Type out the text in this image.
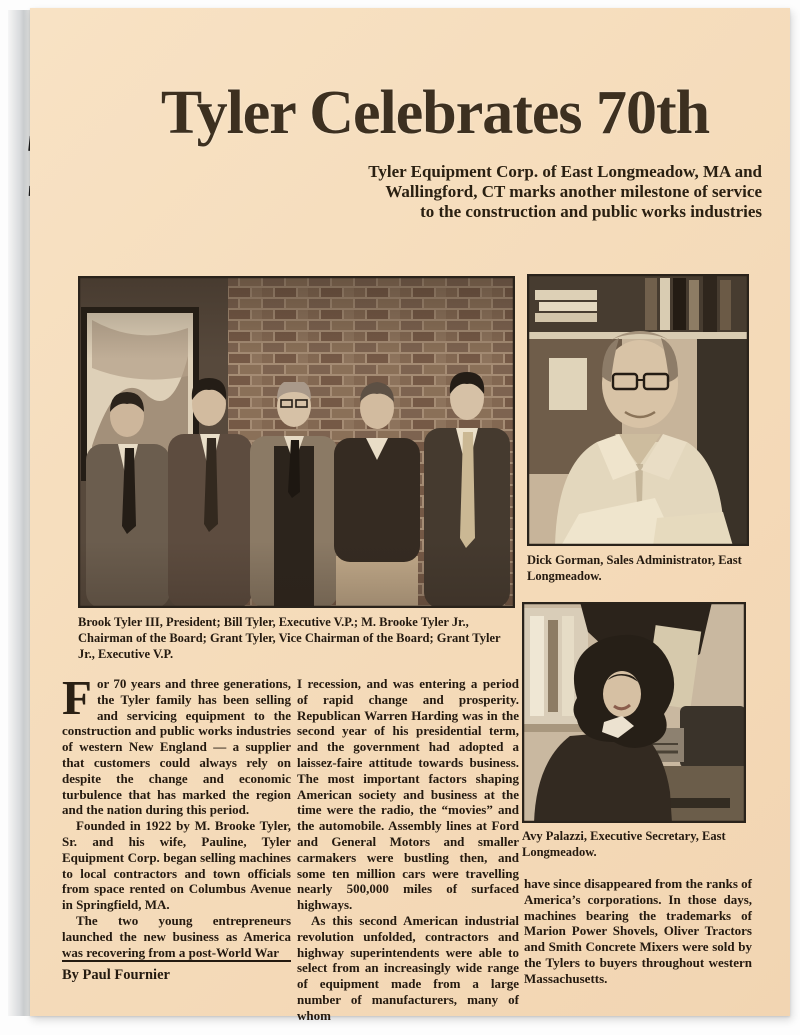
Tyler Celebrates 70th
Tyler Equipment Corp. of East Longmeadow, MA and
Wallingford, CT marks another milestone of service
to the construction and public works industries

Brook Tyler III, President; Bill Tyler, Executive V.P.; M. Brooke Tyler Jr., Chairman of the Board; Grant Tyler, Vice Chairman of the Board; Grant Tyler Jr., Executive V.P.

Dick Gorman, Sales Administrator, East Longmeadow.

Avy Palazzi, Executive Secretary, East Longmeadow.

For 70 years and three generations, the Tyler family has been selling and servicing equipment to the construction and public works industries of western New England — a supplier that customers could always rely on despite the change and economic turbulence that has marked the region and the nation during this period.

Founded in 1922 by M. Brooke Tyler, Sr. and his wife, Pauline, Tyler Equipment Corp. began selling machines to local contractors and town officials from space rented on Columbus Avenue in Springfield, MA.

The two young entrepreneurs launched the new business as America was recovering from a post-World War

I recession, and was entering a period of rapid change and prosperity. Republican Warren Harding was in the second year of his presidential term, and the government had adopted a laissez-faire attitude towards business. The most important factors shaping American society and business at the time were the radio, the “movies” and the automobile. Assembly lines at Ford and General Motors and smaller carmakers were bustling then, and some ten million cars were travelling nearly 500,000 miles of surfaced highways.

As this second American industrial revolution unfolded, contractors and highway superintendents were able to select from an increasingly wide range of equipment made from a large number of manufacturers, many of whom

have since disappeared from the ranks of America’s corporations. In those days, machines bearing the trademarks of Marion Power Shovels, Oliver Tractors and Smith Concrete Mixers were sold by the Tylers to buyers throughout western Massachusetts.

By Paul Fournier
